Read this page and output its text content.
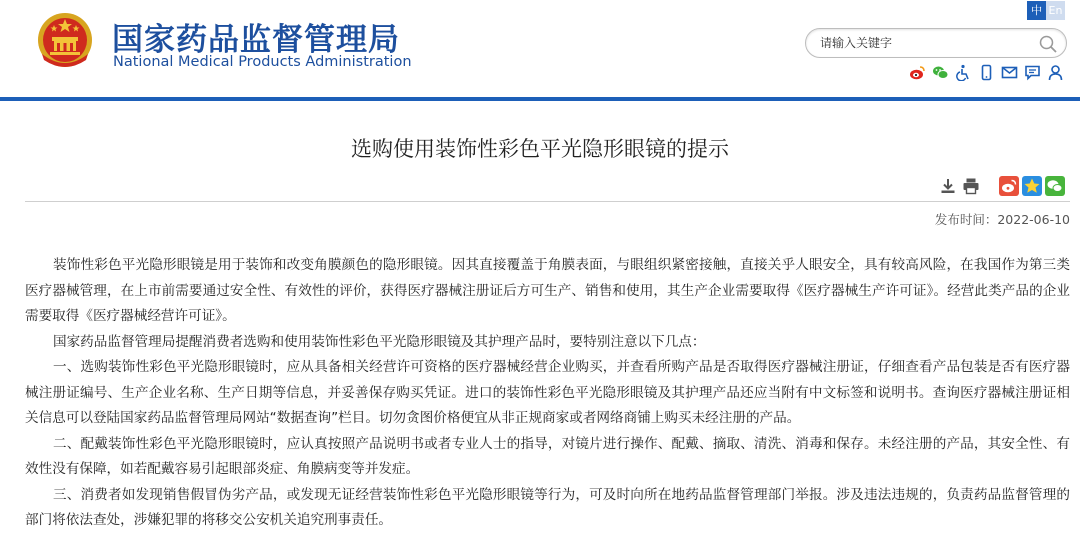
国家药品监督管理局
National Medical Products Administration
中 En
请输入关键字
选购使用装饰性彩色平光隐形眼镜的提示
发布时间：2022-06-10

装饰性彩色平光隐形眼镜是用于装饰和改变角膜颜色的隐形眼镜。因其直接覆盖于角膜表面，与眼组织紧密接触，直接关乎人眼安全，具有较高风险，在我国作为第三类医疗器械管理，在上市前需要通过安全性、有效性的评价，获得医疗器械注册证后方可生产、销售和使用，其生产企业需要取得《医疗器械生产许可证》。经营此类产品的企业需要取得《医疗器械经营许可证》。

国家药品监督管理局提醒消费者选购和使用装饰性彩色平光隐形眼镜及其护理产品时，要特别注意以下几点：

一、选购装饰性彩色平光隐形眼镜时，应从具备相关经营许可资格的医疗器械经营企业购买，并查看所购产品是否取得医疗器械注册证，仔细查看产品包装是否有医疗器械注册证编号、生产企业名称、生产日期等信息，并妥善保存购买凭证。进口的装饰性彩色平光隐形眼镜及其护理产品还应当附有中文标签和说明书。查询医疗器械注册证相关信息可以登陆国家药品监督管理局网站“数据查询”栏目。切勿贪图价格便宜从非正规商家或者网络商铺上购买未经注册的产品。

二、配戴装饰性彩色平光隐形眼镜时，应认真按照产品说明书或者专业人士的指导，对镜片进行操作、配戴、摘取、清洗、消毒和保存。未经注册的产品，其安全性、有效性没有保障，如若配戴容易引起眼部炎症、角膜病变等并发症。

三、消费者如发现销售假冒伪劣产品，或发现无证经营装饰性彩色平光隐形眼镜等行为，可及时向所在地药品监督管理部门举报。涉及违法违规的，负责药品监督管理的部门将依法查处，涉嫌犯罪的将移交公安机关追究刑事责任。
